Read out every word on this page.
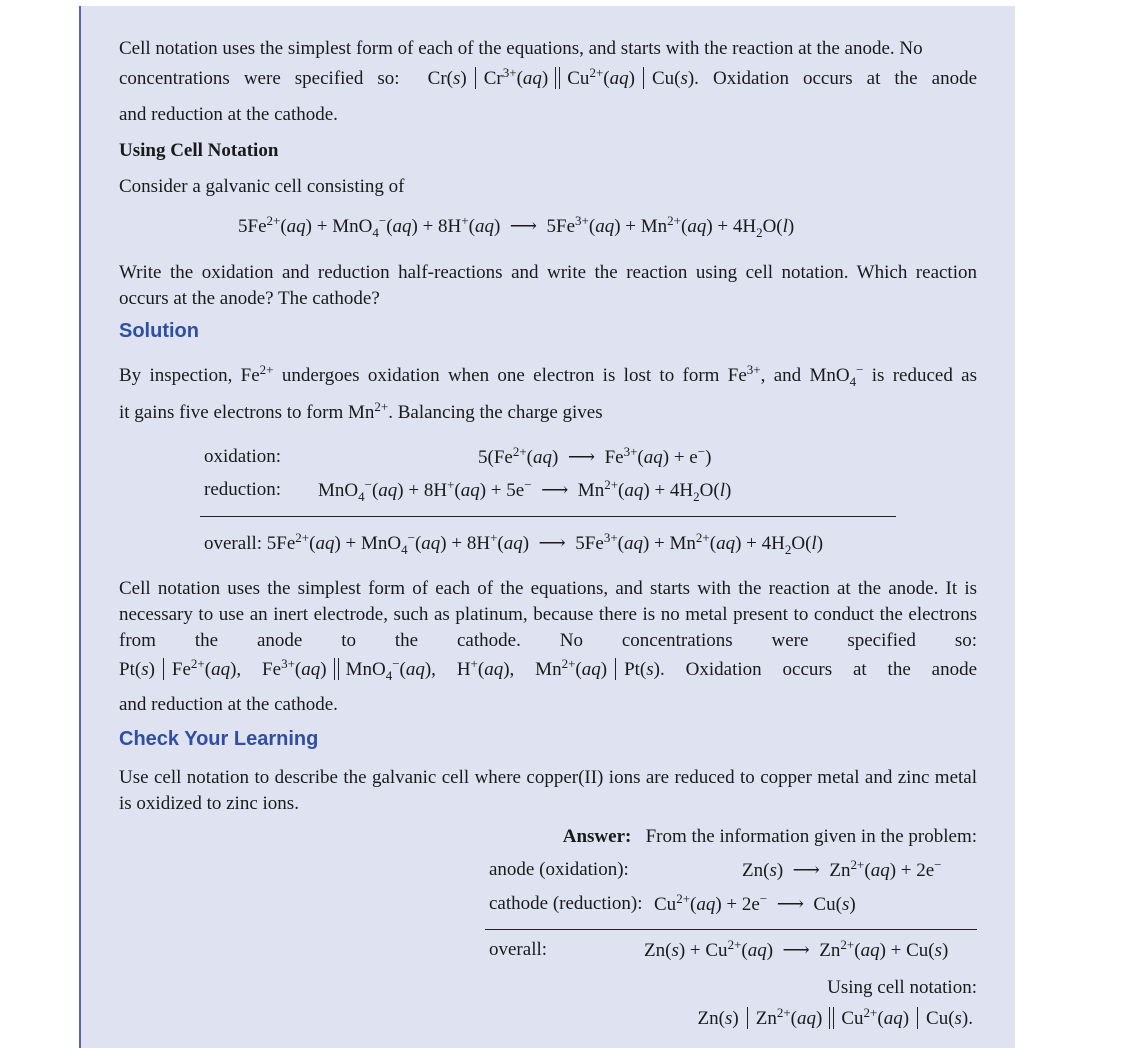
Cell notation uses the simplest form of each of the equations, and starts with the reaction at the anode. No
concentrations were specified so:  Cr(s) $Cr^{3+}(aq)$ $Cu^{2+}(aq)$ Cu(s). Oxidation occurs at the anode
and reduction at the cathode.
Using Cell Notation
Consider a galvanic cell consisting of
$5Fe^{2+}(aq) + MnO_4^-(aq) + 8H^+(aq)$  ⟶  $5Fe^{3+}(aq) + Mn^{2+}(aq) + 4H_2O(l)$
Write the oxidation and reduction half-reactions and write the reaction using cell notation. Which reaction occurs at the anode? The cathode?
Solution
By inspection, $Fe^{2+}$ undergoes oxidation when one electron is lost to form $Fe^{3+}$, and MnO$_4$− is reduced as
it gains five electrons to form $Mn^{2+}$. Balancing the charge gives
oxidation:	$5(Fe^{2+}(aq)$  ⟶  $Fe^{3+}(aq) + e^-$)
reduction: MnO$_4$−(aq) + 8H+(aq) + 5e−  ⟶  $Mn^{2+}(aq) + 4H_2O(l)$
overall: $5Fe^{2+}(aq) + MnO_4^-(aq) + 8H^+(aq)$  ⟶  $5Fe^{3+}(aq) + Mn^{2+}(aq) + 4H_2O(l)$
Cell notation uses the simplest form of each of the equations, and starts with the reaction at the anode. It is necessary to use an inert electrode, such as platinum, because there is no metal present to conduct the electrons from the anode to the cathode. No concentrations were specified so:
Pt(s) $Fe^{2+}(aq)$, $Fe^{3+}(aq)$ MnO$_4$−(aq), H+(aq), $Mn^{2+}(aq)$ Pt(s). Oxidation occurs at the anode
and reduction at the cathode.
Check Your Learning
Use cell notation to describe the galvanic cell where copper(II) ions are reduced to copper metal and zinc metal is oxidized to zinc ions.
Answer: From the information given in the problem:
anode (oxidation):	Zn(s)  ⟶  $Zn^{2+}(aq) + 2e^-$
cathode (reduction): $Cu^{2+}(aq) + 2e^-$  ⟶  Cu(s)
overall:	$Zn(s) + Cu^{2+}(aq)$  ⟶  $Zn^{2+}(aq) + Cu(s)$
Using cell notation:
Zn(s) $Zn^{2+}(aq)$ $Cu^{2+}(aq)$ Cu(s).
